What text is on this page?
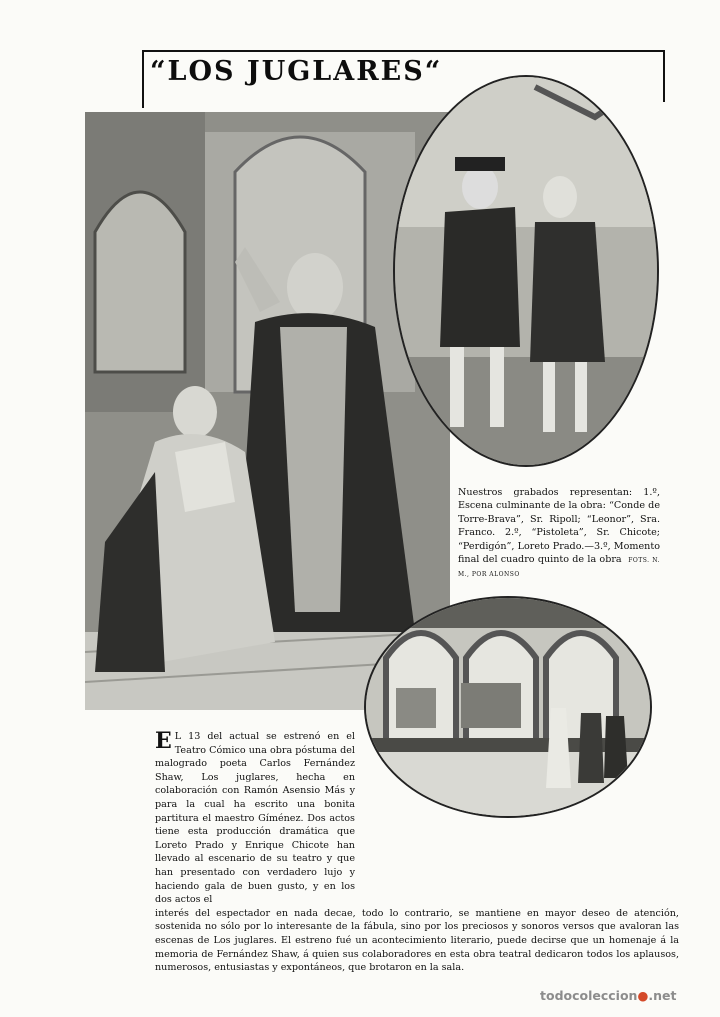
“LOS JUGLARES“
Nuestros grabados representan: 1.º, Escena culminante de la obra: “Conde de Torre-Brava”, Sr. Ripoll; “Leonor”, Sra. Franco. 2.º, “Pistoleta”, Sr. Chicote; “Perdigón”, Loreto Prado.—3.º, Momento final del cuadro quinto de la obra FOTS. N. M., POR ALONSO

E L 13 del actual se estrenó en el Teatro Cómico una obra póstuma del malogrado poeta Carlos Fernández Shaw, Los juglares, hecha en colaboración con Ramón Asensio Más y para la cual ha escrito una bonita partitura el maestro Gíménez. Dos actos tiene esta producción dramática que Loreto Prado y Enrique Chicote han llevado al escenario de su teatro y que han presentado con verdadero lujo y haciendo gala de buen gusto, y en los dos actos el

interés del espectador en nada decae, todo lo contrario, se mantiene en mayor deseo de atención, sostenida no sólo por lo interesante de la fábula, sino por los preciosos y sonoros versos que avaloran las escenas de Los juglares. El estreno fué un acontecimiento literario, puede decirse que un homenaje á la memoria de Fernández Shaw, á quien sus colaboradores en esta obra teatral dedicaron todos los aplausos, numerosos, entusiastas y expontáneos, que brotaron en la sala.

todocoleccion●.net
